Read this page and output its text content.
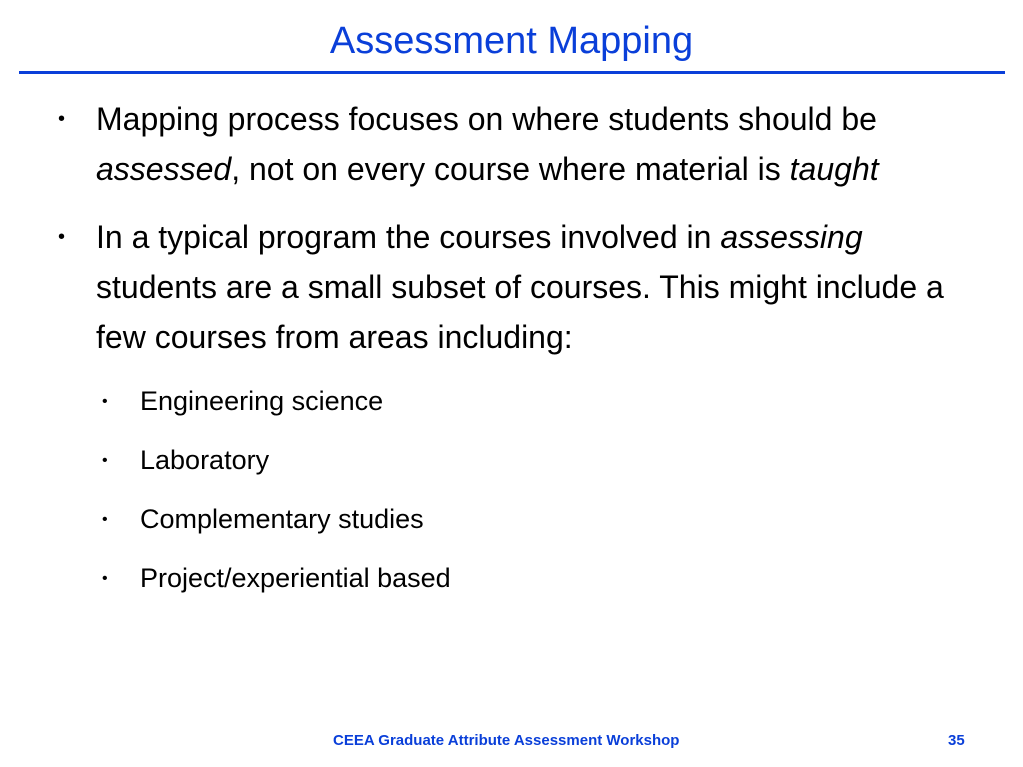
Assessment Mapping
• Mapping process focuses on where students should be assessed, not on every course where material is taught
• In a typical program the courses involved in assessing students are a small subset of courses. This might include a few courses from areas including:
• Engineering science
• Laboratory
• Complementary studies
• Project/experiential based
CEEA Graduate Attribute Assessment Workshop	35
